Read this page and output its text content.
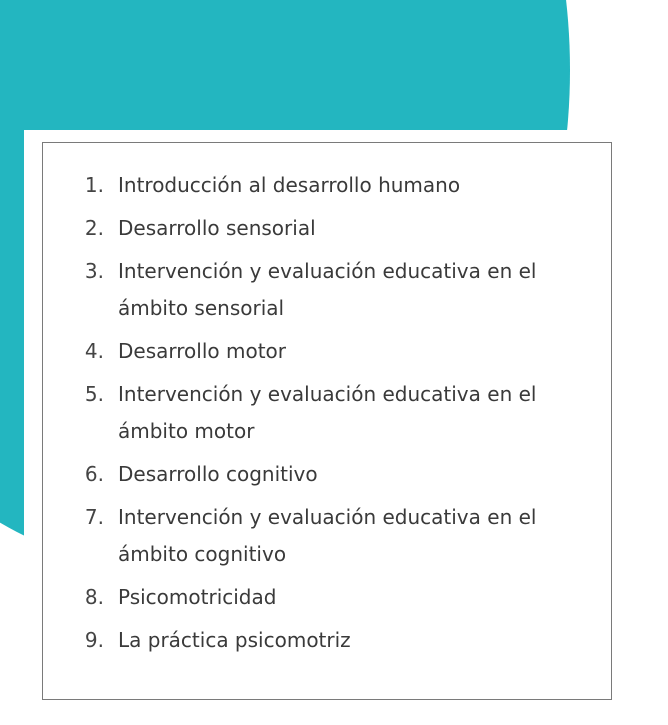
1. Introducción al desarrollo humano
2. Desarrollo sensorial
3. Intervención y evaluación educativa en el ámbito sensorial
4. Desarrollo motor
5. Intervención y evaluación educativa en el ámbito motor
6. Desarrollo cognitivo
7. Intervención y evaluación educativa en el ámbito cognitivo
8. Psicomotricidad
9. La práctica psicomotriz
